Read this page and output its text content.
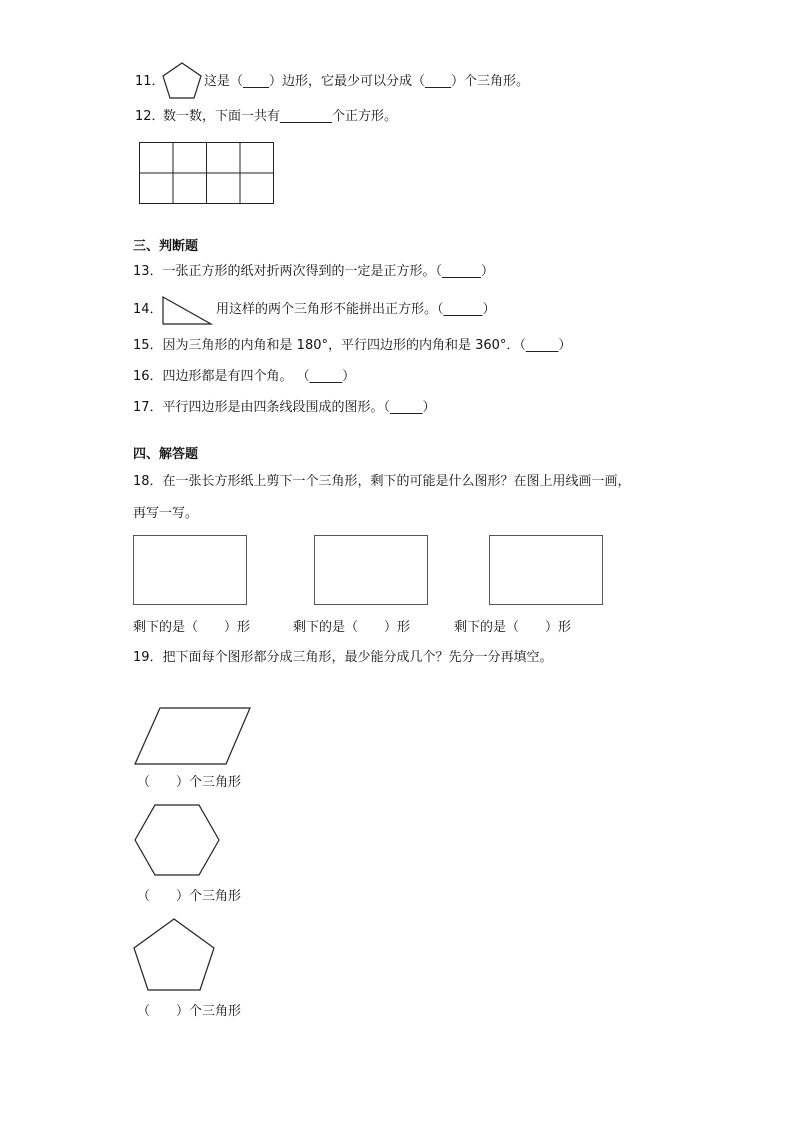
11．	这是（____）边形，它最少可以分成（____）个三角形。
12．
数一数，下面一共有________个正方形。
三、判断题
13．一张正方形的纸对折两次得到的一定是正方形。（______）
14．	用这样的两个三角形不能拼出正方形。（______）
15．因为三角形的内角和是 180°，平行四边形的内角和是 360°．（_____）
16．四边形都是有四个角。 （_____）
17．平行四边形是由四条线段围成的图形。（_____）
四、解答题
18．在一张长方形纸上剪下一个三角形，剩下的可能是什么图形？在图上用线画一画，
再写一写。
剩下的是（　　）形	剩下的是（　　）形	剩下的是（　　）形
19．把下面每个图形都分成三角形，最少能分成几个？先分一分再填空。
（　　）个三角形
（　　）个三角形
（　　）个三角形
